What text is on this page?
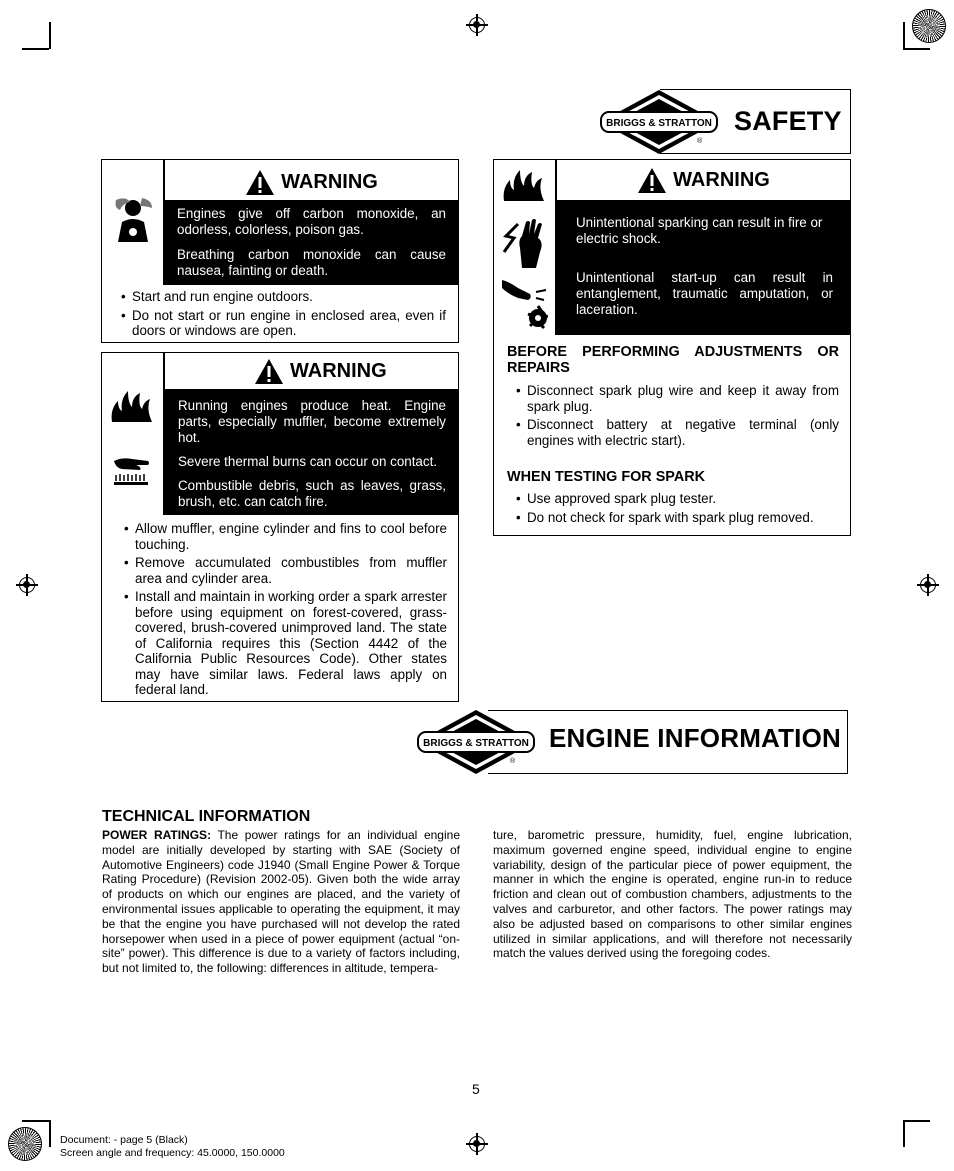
BRIGGS & STRATTON
®
SAFETY
WARNING

Engines give off carbon monoxide, an odorless, colorless, poison gas.

Breathing carbon monoxide can cause nausea, fainting or death.

• Start and run engine outdoors.
• Do not start or run engine in enclosed area, even if doors or windows are open.
WARNING

Running engines produce heat. Engine parts, especially muffler, become extremely hot.

Severe thermal burns can occur on contact.

Combustible debris, such as leaves, grass, brush, etc. can catch fire.

• Allow muffler, engine cylinder and fins to cool before touching.
• Remove accumulated combustibles from muffler area and cylinder area.
• Install and maintain in working order a spark arrester before using equipment on forest-covered, grass-covered, brush-covered unimproved land. The state of California requires this (Section 4442 of the California Public Resources Code). Other states may have similar laws. Federal laws apply on federal land.
WARNING

Unintentional sparking can result in fire or electric shock.

Unintentional start-up can result in entanglement, traumatic amputation, or laceration.

BEFORE PERFORMING ADJUSTMENTS OR REPAIRS
• Disconnect spark plug wire and keep it away from spark plug.
• Disconnect battery at negative terminal (only engines with electric start).
WHEN TESTING FOR SPARK
• Use approved spark plug tester.
• Do not check for spark with spark plug removed.
BRIGGS & STRATTON
®
ENGINE INFORMATION
TECHNICAL INFORMATION
POWER RATINGS: The power ratings for an individual engine model are initially developed by starting with SAE (Society of Automotive Engineers) code J1940 (Small Engine Power & Torque Rating Procedure) (Revision 2002-05). Given both the wide array of products on which our engines are placed, and the variety of environmental issues applicable to operating the equipment, it may be that the engine you have purchased will not develop the rated horsepower when used in a piece of power equipment (actual “on-site” power). This difference is due to a variety of factors including, but not limited to, the following: differences in altitude, tempera-
ture, barometric pressure, humidity, fuel, engine lubrication, maximum governed engine speed, individual engine to engine variability, design of the particular piece of power equipment, the manner in which the engine is operated, engine run-in to reduce friction and clean out of combustion chambers, adjustments to the valves and carburetor, and other factors. The power ratings may also be adjusted based on comparisons to other similar engines utilized in similar applications, and will therefore not necessarily match the values derived using the foregoing codes.
5
Document: - page 5 (Black)
Screen angle and frequency: 45.0000, 150.0000
